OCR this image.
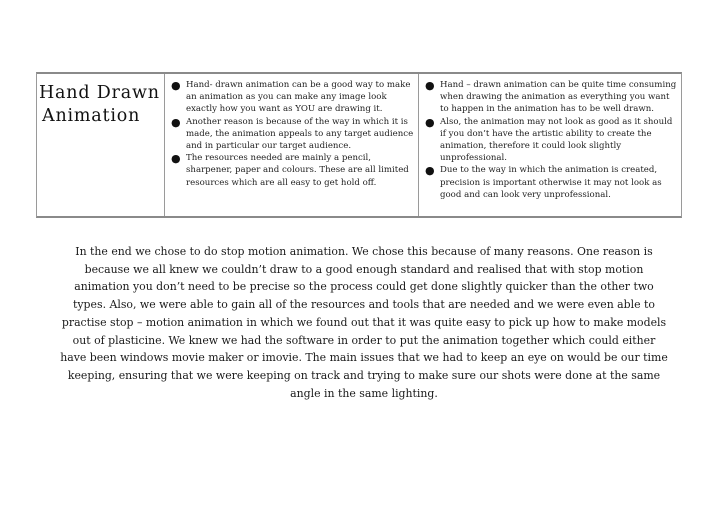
Hand Drawn
Animation
● Hand- drawn animation can be a good way to make an animation as you can make any image look exactly how you want as YOU are drawing it.
● Another reason is because of the way in which it is made, the animation appeals to any target audience and in particular our target audience.
● The resources needed are mainly a pencil, sharpener, paper and colours. These are all limited resources which are all easy to get hold off.
● Hand – drawn animation can be quite time consuming when drawing the animation as everything you want to happen in the animation has to be well drawn.
● Also, the animation may not look as good as it should if you don’t have the artistic ability to create the animation, therefore it could look slightly unprofessional.
● Due to the way in which the animation is created, precision is important otherwise it may not look as good and can look very unprofessional.

In the end we chose to do stop motion animation. We chose this because of many reasons. One reason is because we all knew we couldn’t draw to a good enough standard and realised that with stop motion animation you don’t need to be precise so the process could get done slightly quicker than the other two types. Also, we were able to gain all of the resources and tools that are needed and we were even able to practise stop – motion animation in which we found out that it was quite easy to pick up how to make models out of plasticine. We knew we had the software in order to put the animation together which could either have been windows movie maker or imovie. The main issues that we had to keep an eye on would be our time keeping, ensuring that we were keeping on track and trying to make sure our shots were done at the same angle in the same lighting.
